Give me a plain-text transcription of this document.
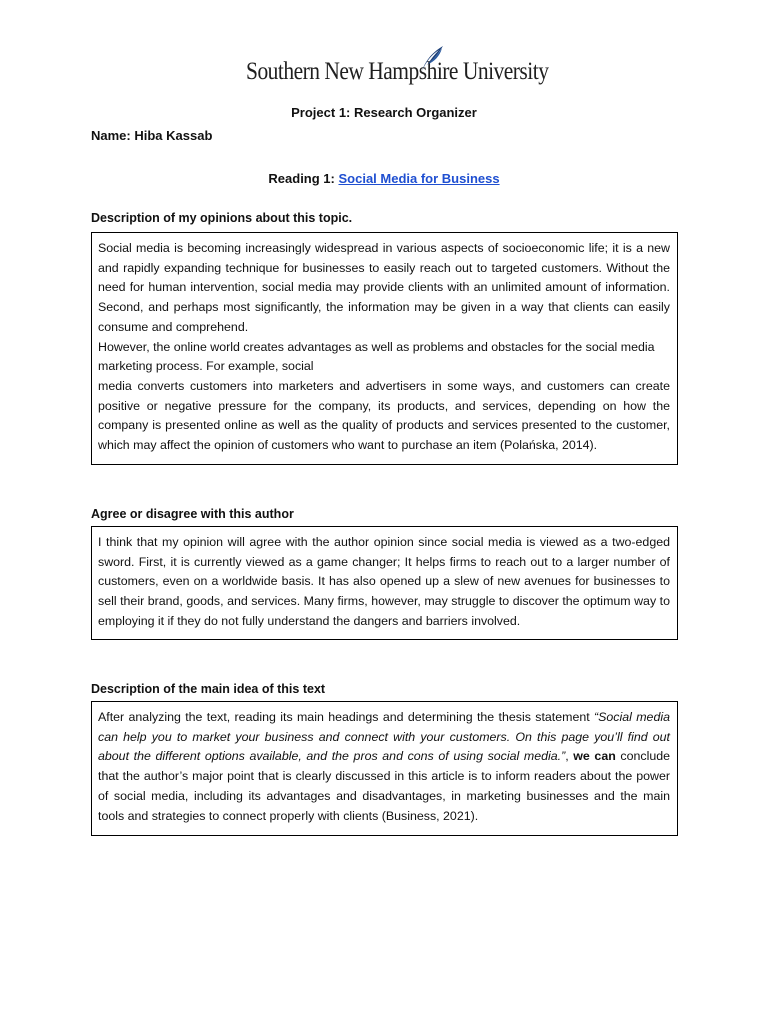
Southern New Hampshire University
Project 1: Research Organizer
Name: Hiba Kassab
Reading 1: Social Media for Business
Description of my opinions about this topic.

Social media is becoming increasingly widespread in various aspects of socioeconomic life; it is a new and rapidly expanding technique for businesses to easily reach out to targeted customers. Without the need for human intervention, social media may provide clients with an unlimited amount of information. Second, and perhaps most significantly, the information may be given in a way that clients can easily consume and comprehend.

However, the online world creates advantages as well as problems and obstacles for the social media marketing process. For example, social

media converts customers into marketers and advertisers in some ways, and customers can create positive or negative pressure for the company, its products, and services, depending on how the company is presented online as well as the quality of products and services presented to the customer, which may affect the opinion of customers who want to purchase an item (Polańska, 2014).

Agree or disagree with this author

I think that my opinion will agree with the author opinion since social media is viewed as a two-edged sword. First, it is currently viewed as a game changer; It helps firms to reach out to a larger number of customers, even on a worldwide basis. It has also opened up a slew of new avenues for businesses to sell their brand, goods, and services. Many firms, however, may struggle to discover the optimum way to employing it if they do not fully understand the dangers and barriers involved.

Description of the main idea of this text

After analyzing the text, reading its main headings and determining the thesis statement “Social media can help you to market your business and connect with your customers. On this page you’ll find out about the different options available, and the pros and cons of using social media.”, we can conclude that the author’s major point that is clearly discussed in this article is to inform readers about the power of social media, including its advantages and disadvantages, in marketing businesses and the main tools and strategies to connect properly with clients (Business, 2021).
